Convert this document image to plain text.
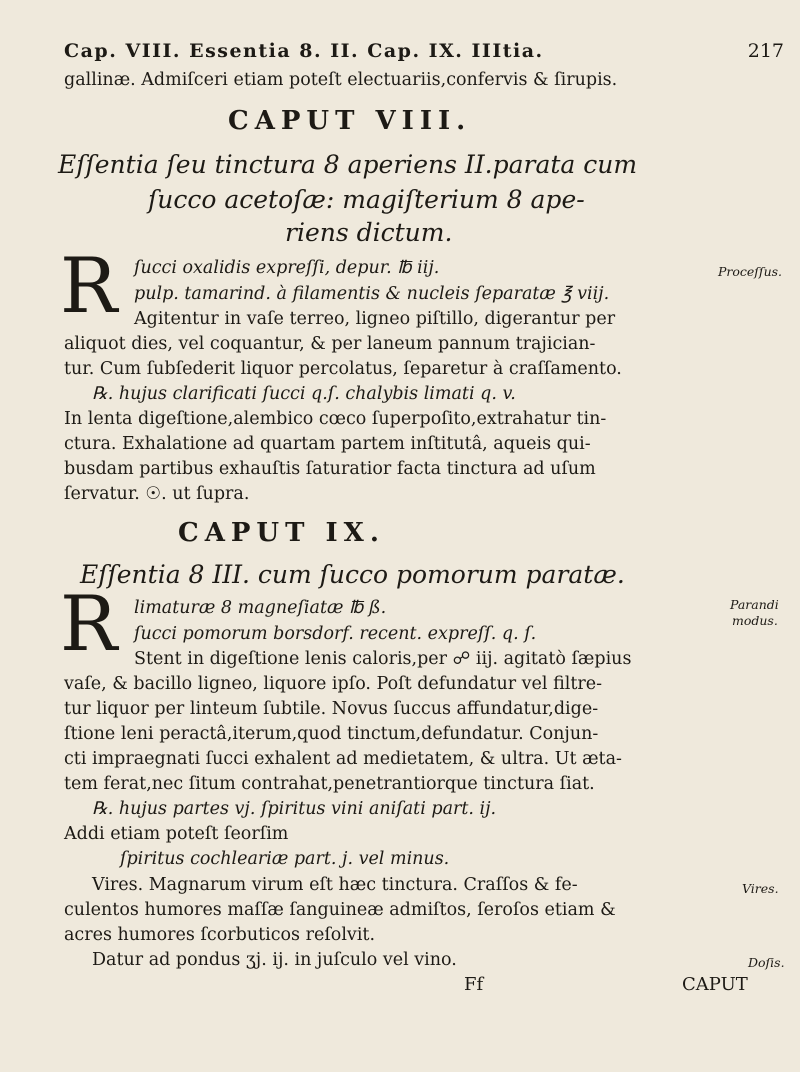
Cap. VIII. Essentia 8. II. Cap. IX. IIItia.	217
gallinæ. Admiſceri etiam poteſt electuariis,confervis & ſirupis.
CAPUT VIII.
Eſſentia ſeu tinctura 8 aperiens II.parata cum
ſucco acetoſæ: magiſterium 8 ape-
riens dictum.
R ſucci oxalidis expreſſi, depur. ℔ iij.
pulp. tamarind. à filamentis & nucleis ſeparatæ ℥ viij.
Proceſſus.
Agitentur in vaſe terreo, ligneo piſtillo, digerantur per
aliquot dies, vel coquantur, & per laneum pannum trajician-
tur. Cum ſubſederit liquor percolatus, ſeparetur à craſſamento.
℞. hujus clarificati ſucci q.ſ. chalybis limati q. v.
In lenta digeſtione,alembico cœco ſuperpoſito,extrahatur tin-
ctura. Exhalatione ad quartam partem inſtitutâ, aqueis qui-
busdam partibus exhauſtis ſaturatior facta tinctura ad uſum
ſervatur. ☉. ut ſupra.
CAPUT IX.
Eſſentia 8 III. cum ſucco pomorum paratæ.
R limaturæ 8 magneſiatæ ℔ ß.
ſucci pomorum borsdorf. recent. expreſſ. q. ſ.
Parandi
modus.
Stent in digeſtione lenis caloris,per ☍ iij. agitatò ſæpius
vaſe, & bacillo ligneo, liquore ipſo. Poſt defundatur vel filtre-
tur liquor per linteum ſubtile. Novus ſuccus affundatur,dige-
ſtione leni peractâ,iterum,quod tinctum,defundatur. Conjun-
cti impraegnati ſucci exhalent ad medietatem, & ultra. Ut æta-
tem ferat,nec ſitum contrahat,penetrantiorque tinctura ſiat.
℞. hujus partes vj. ſpiritus vini aniſati part. ij.
Addi etiam poteſt ſeorſim
ſpiritus cochleariæ part. j. vel minus.
Vires. Magnarum virum eſt hæc tinctura. Craſſos & fe-	Vires.
culentos humores maſſæ ſanguineæ admiſtos, ſeroſos etiam &
acres humores ſcorbuticos reſolvit.
Datur ad pondus ʒj. ij. in juſculo vel vino.	Doſis.
Ff	CAPUT
